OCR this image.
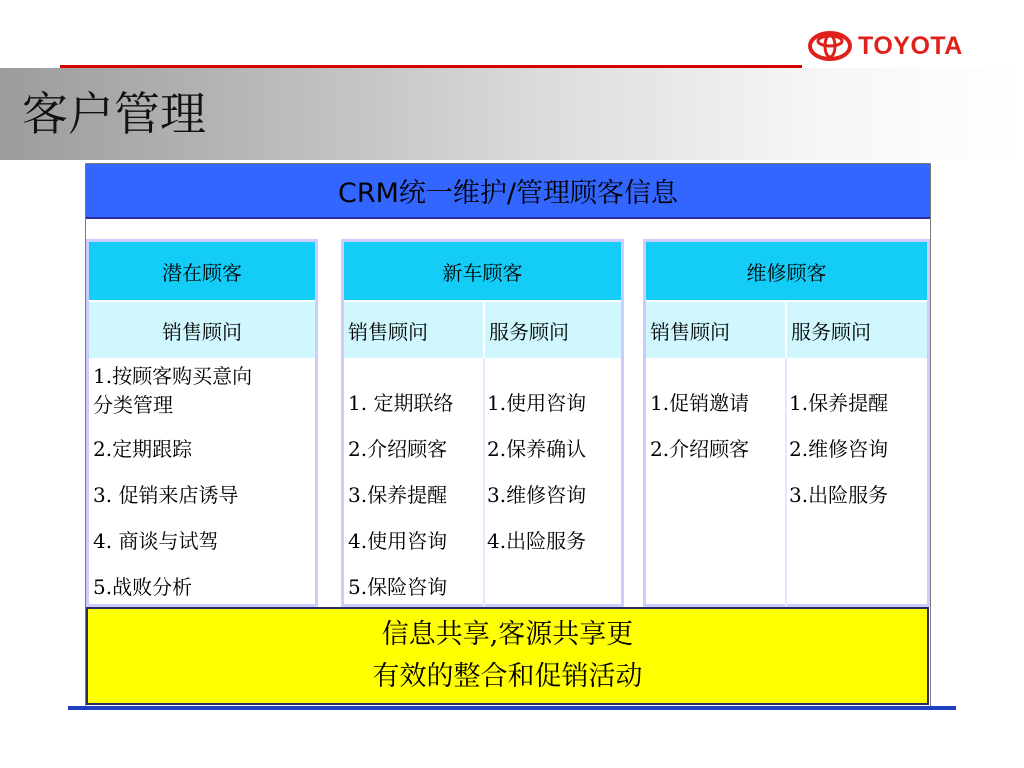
TOYOTA
客户管理
CRM统一维护/管理顾客信息
潜在顾客
销售顾问
1.按顾客购买意向
分类管理
2.定期跟踪
3. 促销来店诱导
4. 商谈与试驾
5.战败分析
新车顾客
销售顾问	服务顾问
1. 定期联络
2.介绍顾客
3.保养提醒
4.使用咨询
5.保险咨询
1.使用咨询
2.保养确认
3.维修咨询
4.出险服务
维修顾客
销售顾问	服务顾问
1.促销邀请
2.介绍顾客
1.保养提醒
2.维修咨询
3.出险服务
信息共享,客源共享更
有效的整合和促销活动
